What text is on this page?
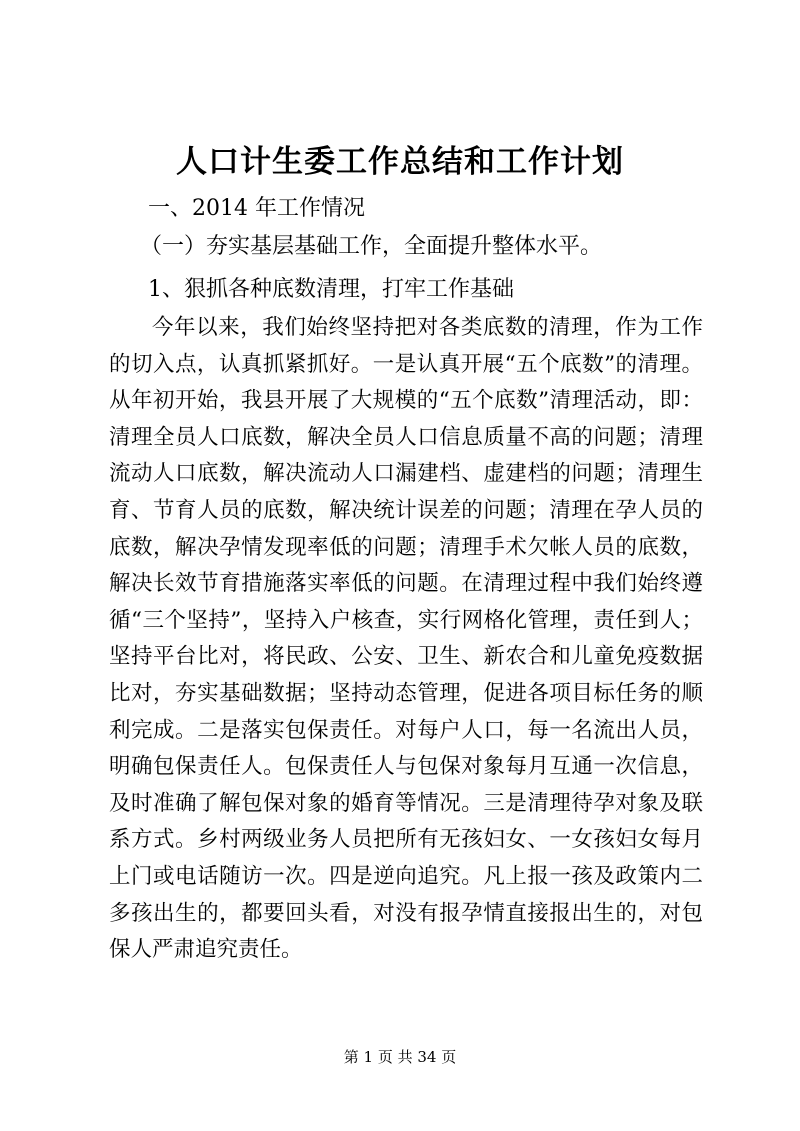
人口计生委工作总结和工作计划

一、2014 年工作情况

（一）夯实基层基础工作，全面提升整体水平。

1、狠抓各种底数清理，打牢工作基础

今年以来，我们始终坚持把对各类底数的清理，作为工作的切入点，认真抓紧抓好。一是认真开展“五个底数”的清理。从年初开始，我县开展了大规模的“五个底数”清理活动，即：清理全员人口底数，解决全员人口信息质量不高的问题；清理流动人口底数，解决流动人口漏建档、虚建档的问题；清理生育、节育人员的底数，解决统计误差的问题；清理在孕人员的底数，解决孕情发现率低的问题；清理手术欠帐人员的底数，解决长效节育措施落实率低的问题。在清理过程中我们始终遵循“三个坚持”，坚持入户核查，实行网格化管理，责任到人；坚持平台比对，将民政、公安、卫生、新农合和儿童免疫数据比对，夯实基础数据；坚持动态管理，促进各项目标任务的顺利完成。二是落实包保责任。对每户人口，每一名流出人员，明确包保责任人。包保责任人与包保对象每月互通一次信息，及时准确了解包保对象的婚育等情况。三是清理待孕对象及联系方式。乡村两级业务人员把所有无孩妇女、一女孩妇女每月上门或电话随访一次。四是逆向追究。凡上报一孩及政策内二多孩出生的，都要回头看，对没有报孕情直接报出生的，对包保人严肃追究责任。

第 1 页 共 34 页
